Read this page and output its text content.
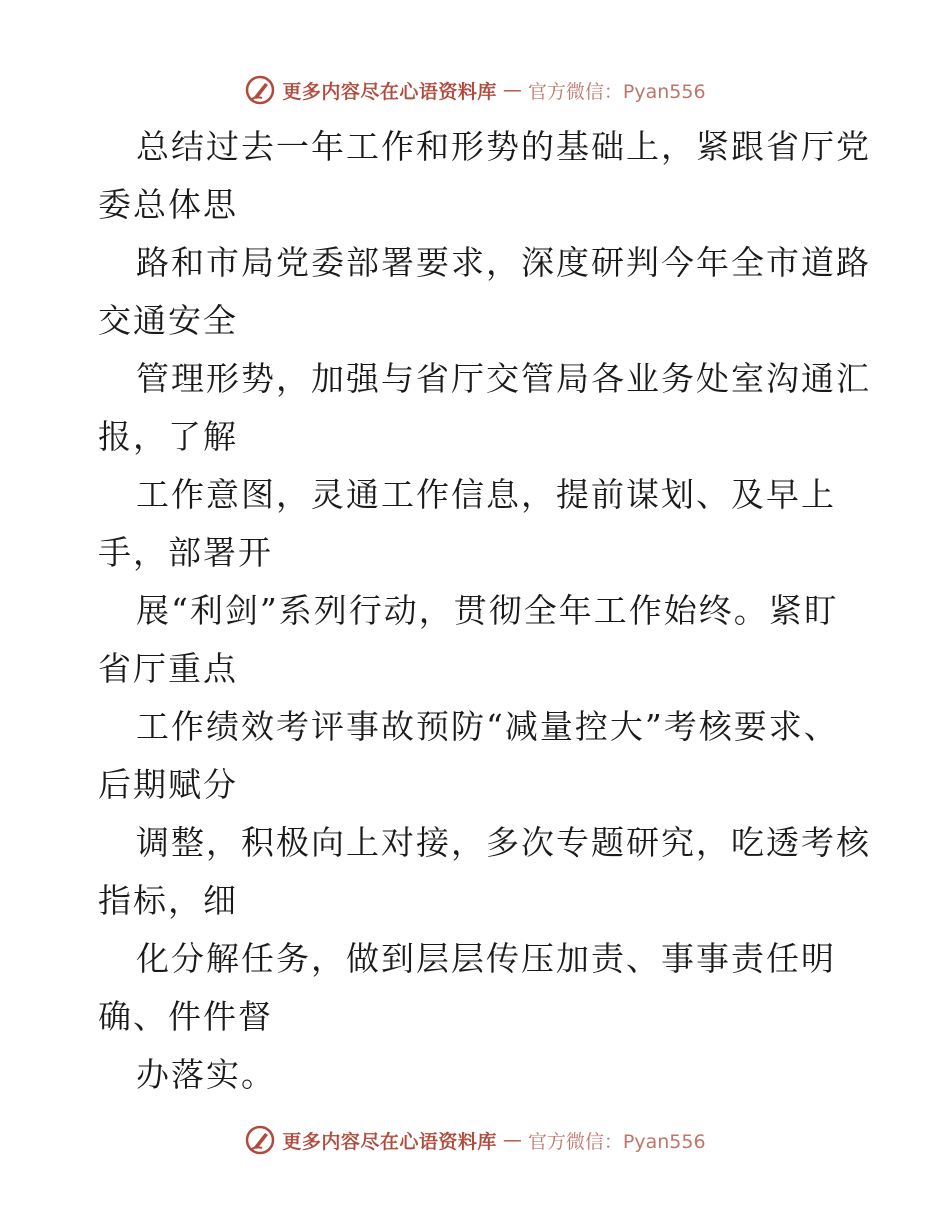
更多内容尽在心语资料库 — 官方微信：Pyan556
总结过去一年工作和形势的基础上，紧跟省厅党
委总体思
路和市局党委部署要求，深度研判今年全市道路
交通安全
管理形势，加强与省厅交管局各业务处室沟通汇
报，了解
工作意图，灵通工作信息，提前谋划、及早上
手，部署开
展“利剑”系列行动，贯彻全年工作始终。紧盯
省厅重点
工作绩效考评事故预防“减量控大”考核要求、
后期赋分
调整，积极向上对接，多次专题研究，吃透考核
指标，细
化分解任务，做到层层传压加责、事事责任明
确、件件督
办落实。
更多内容尽在心语资料库 — 官方微信：Pyan556
